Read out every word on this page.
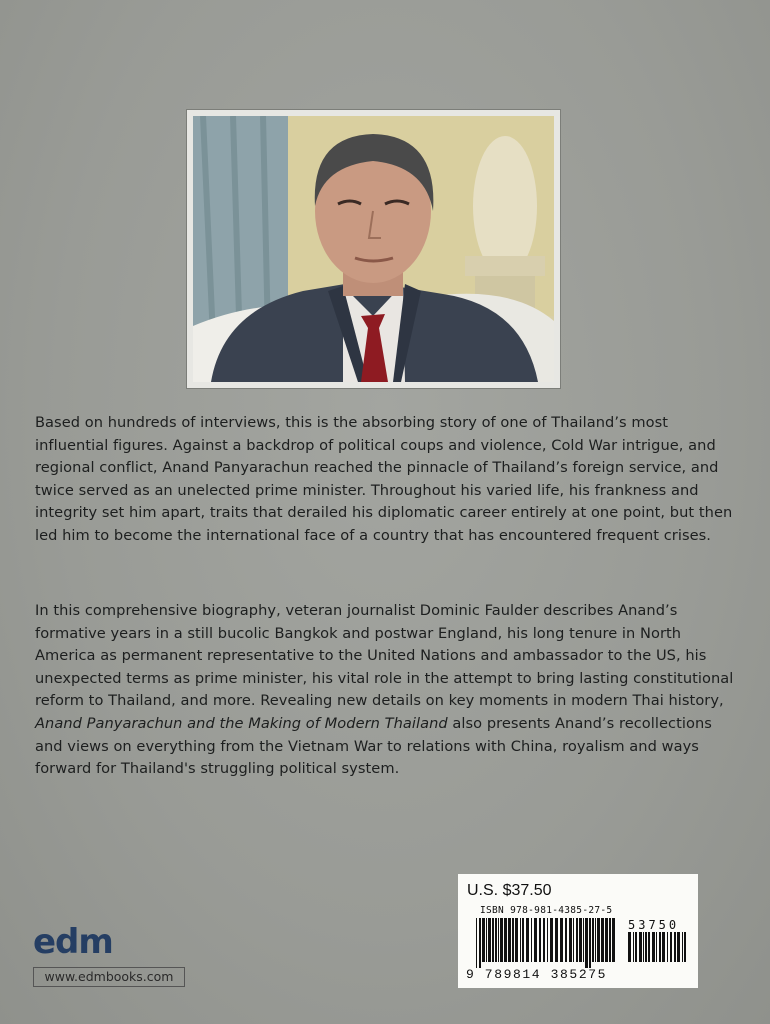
Based on hundreds of interviews, this is the absorbing story of one of Thailand’s most influential figures. Against a backdrop of political coups and violence, Cold War intrigue, and regional conflict, Anand Panyarachun reached the pinnacle of Thailand’s foreign service, and twice served as an unelected prime minister. Throughout his varied life, his frankness and integrity set him apart, traits that derailed his diplomatic career entirely at one point, but then led him to become the international face of a country that has encountered frequent crises.

In this comprehensive biography, veteran journalist Dominic Faulder describes Anand’s formative years in a still bucolic Bangkok and postwar England, his long tenure in North America as permanent representative to the United Nations and ambassador to the US, his unexpected terms as prime minister, his vital role in the attempt to bring lasting constitutional reform to Thailand, and more. Revealing new details on key moments in modern Thai history, Anand Panyarachun and the Making of Modern Thailand also presents Anand’s recollections and views on everything from the Vietnam War to relations with China, royalism and ways forward for Thailand's struggling political system.

edm
www.edmbooks.com
U.S. $37.50
ISBN 978-981-4385-27-5
53750
9 789814 385275
